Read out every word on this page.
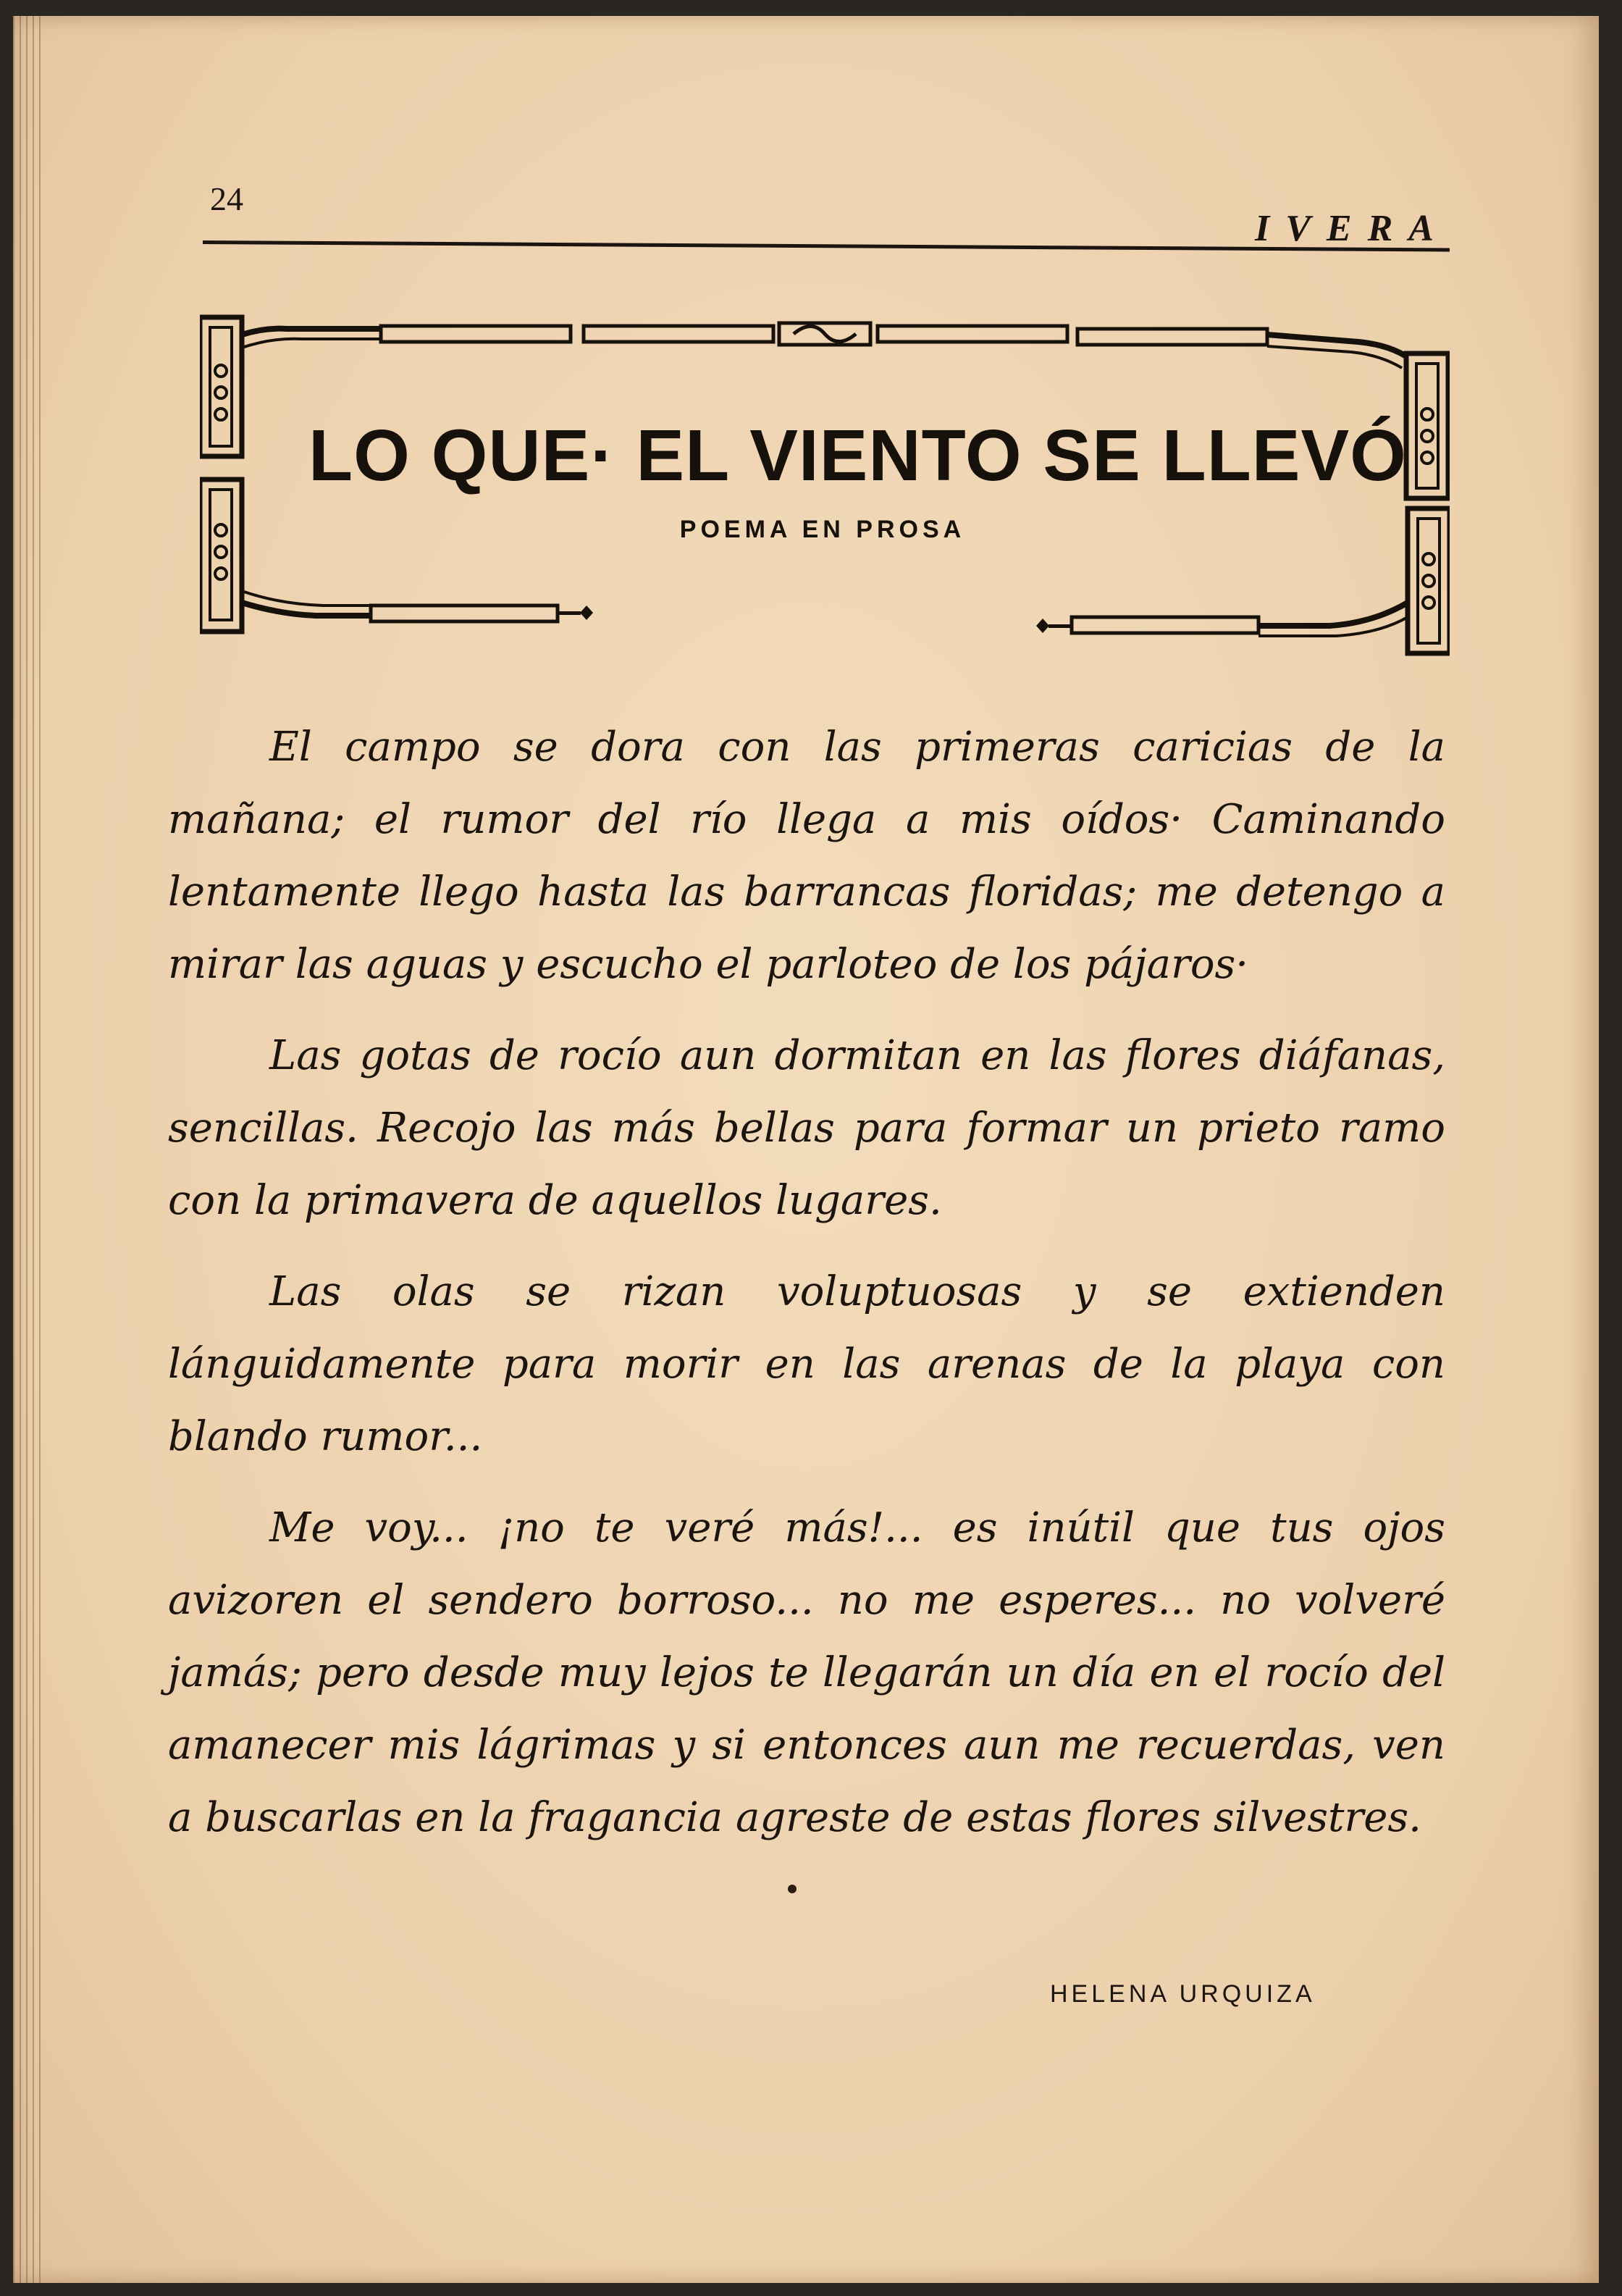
24
IVERA
LO QUE· EL VIENTO SE LLEVÓ
POEMA EN PROSA

El campo se dora con las primeras caricias de la mañana; el rumor del río llega a mis oídos· Caminando lentamente llego hasta las barrancas floridas; me detengo a mirar las aguas y escucho el parloteo de los pájaros·

Las gotas de rocío aun dormitan en las flores diáfanas, sencillas. Recojo las más bellas para formar un prieto ramo con la primavera de aquellos lugares.

Las olas se rizan voluptuosas y se extienden lánguidamente para morir en las arenas de la playa con blando rumor...

Me voy... ¡no te veré más!... es inútil que tus ojos avizoren el sendero borroso... no me esperes... no volveré jamás; pero desde muy lejos te llegarán un día en el rocío del amanecer mis lágrimas y si entonces aun me recuerdas, ven a buscarlas en la fragancia agreste de estas flores silvestres.

HELENA URQUIZA
